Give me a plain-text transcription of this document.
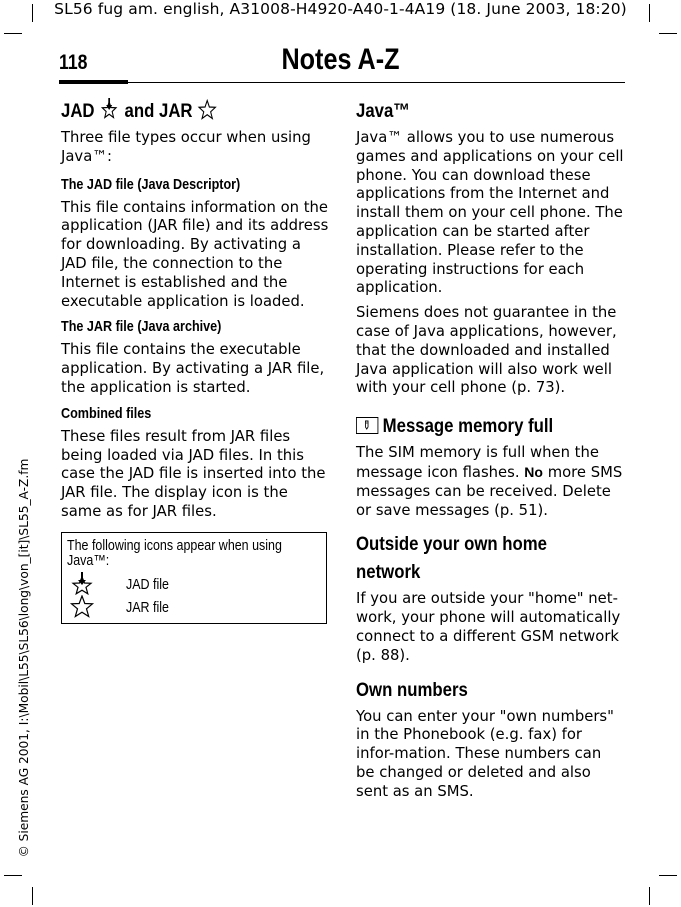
SL56 fug am. english, A31008-H4920-A40-1-4A19 (18. June 2003, 18:20)
© Siemens AG 2001, I:\Mobil\L55\SL56\long\von_[it]\SL55_A-Z.fm
118	Notes A-Z
JAD and JAR

Three file types occur when using Java™:

The JAD file (Java Descriptor)

This file contains information on the application (JAR file) and its address for downloading. By activating a JAD file, the connection to the Internet is established and the executable application is loaded.

The JAR file (Java archive)

This file contains the executable application. By activating a JAR file, the application is started.

Combined files

These files result from JAR files being loaded via JAD files. In this case the JAD file is inserted into the JAR file. The display icon is the same as for JAR files.

The following icons appear when using Java™:
JAD file
JAR file
Java™

Java™ allows you to use numerous games and applications on your cell phone. You can download these applications from the Internet and install them on your cell phone. The application can be started after installation. Please refer to the operating instructions for each application.

Siemens does not guarantee in the case of Java applications, however, that the downloaded and installed Java application will also work well with your cell phone (p. 73).

Message memory full

The SIM memory is full when the message icon flashes. No more SMS messages can be received. Delete or save messages (p. 51).

Outside your own home network

If you are outside your "home" net-work, your phone will automatically connect to a different GSM network (p. 88).

Own numbers

You can enter your "own numbers" in the Phonebook (e.g. fax) for infor-mation. These numbers can be changed or deleted and also sent as an SMS.
